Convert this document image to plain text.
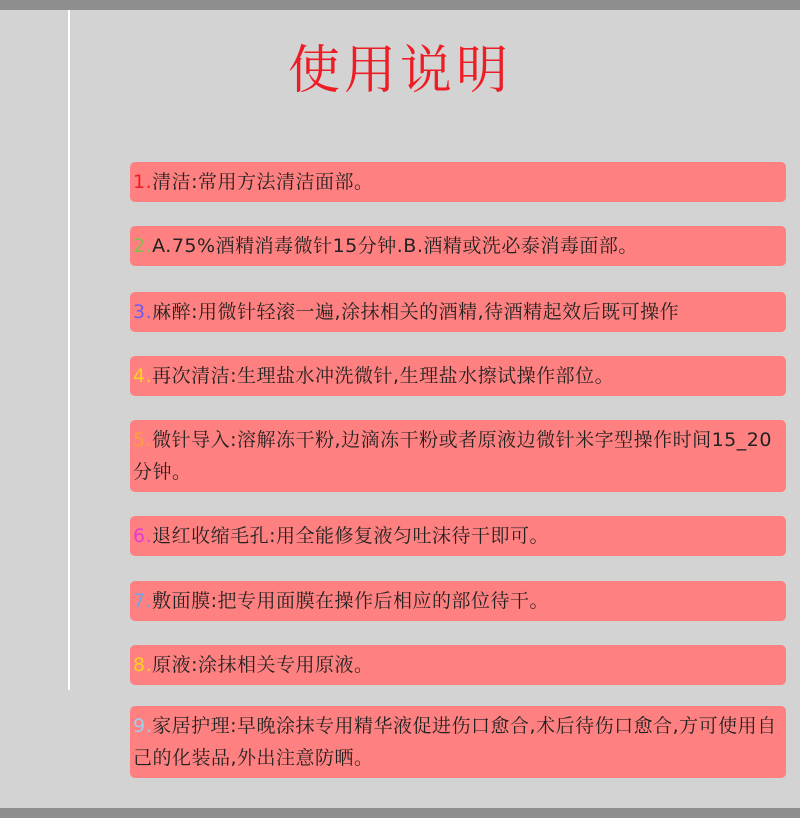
使用说明
1.清洁:常用方法清洁面部。
2.A.75%酒精消毒微针15分钟.B.酒精或洗必泰消毒面部。
3.麻醉:用微针轻滚一遍,涂抹相关的酒精,待酒精起效后既可操作
4.再次清洁:生理盐水冲洗微针,生理盐水擦试操作部位。
5.微针导入:溶解冻干粉,边滴冻干粉或者原液边微针米字型操作时间15_20分钟。
6.退红收缩毛孔:用全能修复液匀吐沫待干即可。
7.敷面膜:把专用面膜在操作后相应的部位待干。
8.原液:涂抹相关专用原液。
9.家居护理:早晚涂抹专用精华液促进伤口愈合,术后待伤口愈合,方可使用自己的化装品,外出注意防晒。
